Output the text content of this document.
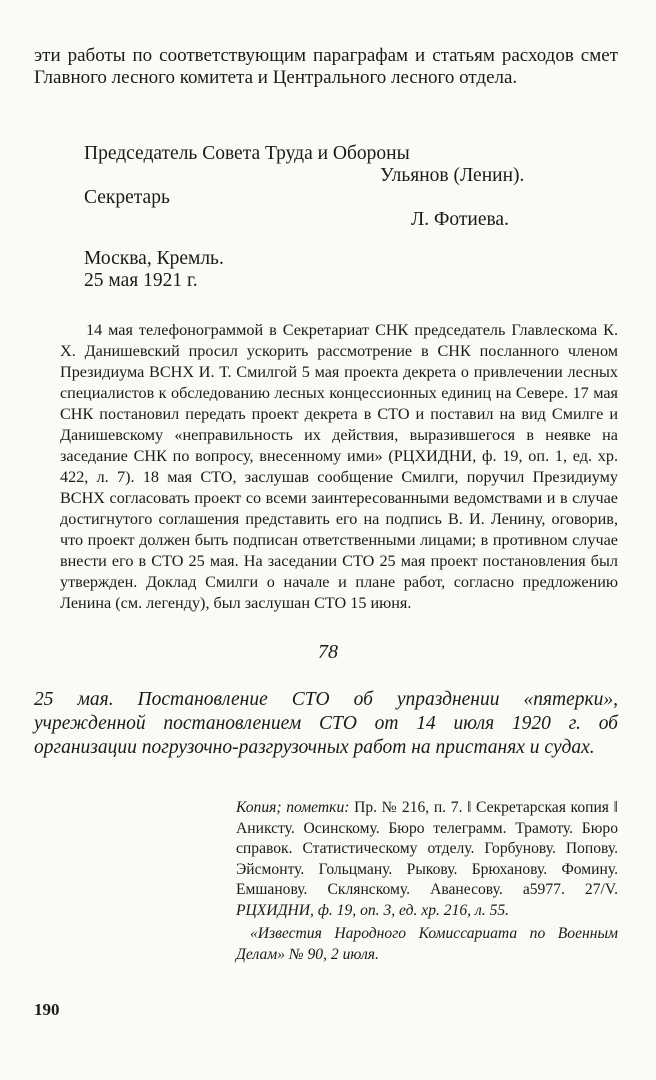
эти работы по соответствующим параграфам и статьям расходов смет Главного лесного комитета и Центрального лесного отдела.

Председатель Совета Труда и Обороны
Ульянов (Ленин).
Секретарь
Л. Фотиева.
Москва, Кремль.
25 мая 1921 г.

14 мая телефонограммой в Секретариат СНК председатель Главлескома К. Х. Данишевский просил ускорить рассмотрение в СНК посланного членом Президиума ВСНХ И. Т. Смилгой 5 мая проекта декрета о привлечении лесных специалистов к обследованию лесных концессионных единиц на Севере. 17 мая СНК постановил передать проект декрета в СТО и поставил на вид Смилге и Данишевскому «неправильность их действия, выразившегося в неявке на заседание СНК по вопросу, внесенному ими» (РЦХИДНИ, ф. 19, оп. 1, ед. хр. 422, л. 7). 18 мая СТО, заслушав сообщение Смилги, поручил Президиуму ВСНХ согласовать проект со всеми заинтересованными ведомствами и в случае достигнутого соглашения представить его на подпись В. И. Ленину, оговорив, что проект должен быть подписан ответственными лицами; в противном случае внести его в СТО 25 мая. На заседании СТО 25 мая проект постановления был утвержден. Доклад Смилги о начале и плане работ, согласно предложению Ленина (см. легенду), был заслушан СТО 15 июня.

78

25 мая. Постановление СТО об упразднении «пятерки», учрежденной постановлением СТО от 14 июля 1920 г. об организации погрузочно-разгрузочных работ на пристанях и судах.

Копия; пометки: Пр. № 216, п. 7. ‖ Секретарская копия ‖ Аниксту. Осинскому. Бюро телеграмм. Трамоту. Бюро справок. Статистическому отделу. Горбунову. Попову. Эйсмонту. Гольцману. Рыкову. Брюханову. Фомину. Емшанову. Склянскому. Аванесову. а5977. 27/V. РЦХИДНИ, ф. 19, оп. 3, ед. хр. 216, л. 55.

«Известия Народного Комиссариата по Военным Делам» № 90, 2 июля.

190
